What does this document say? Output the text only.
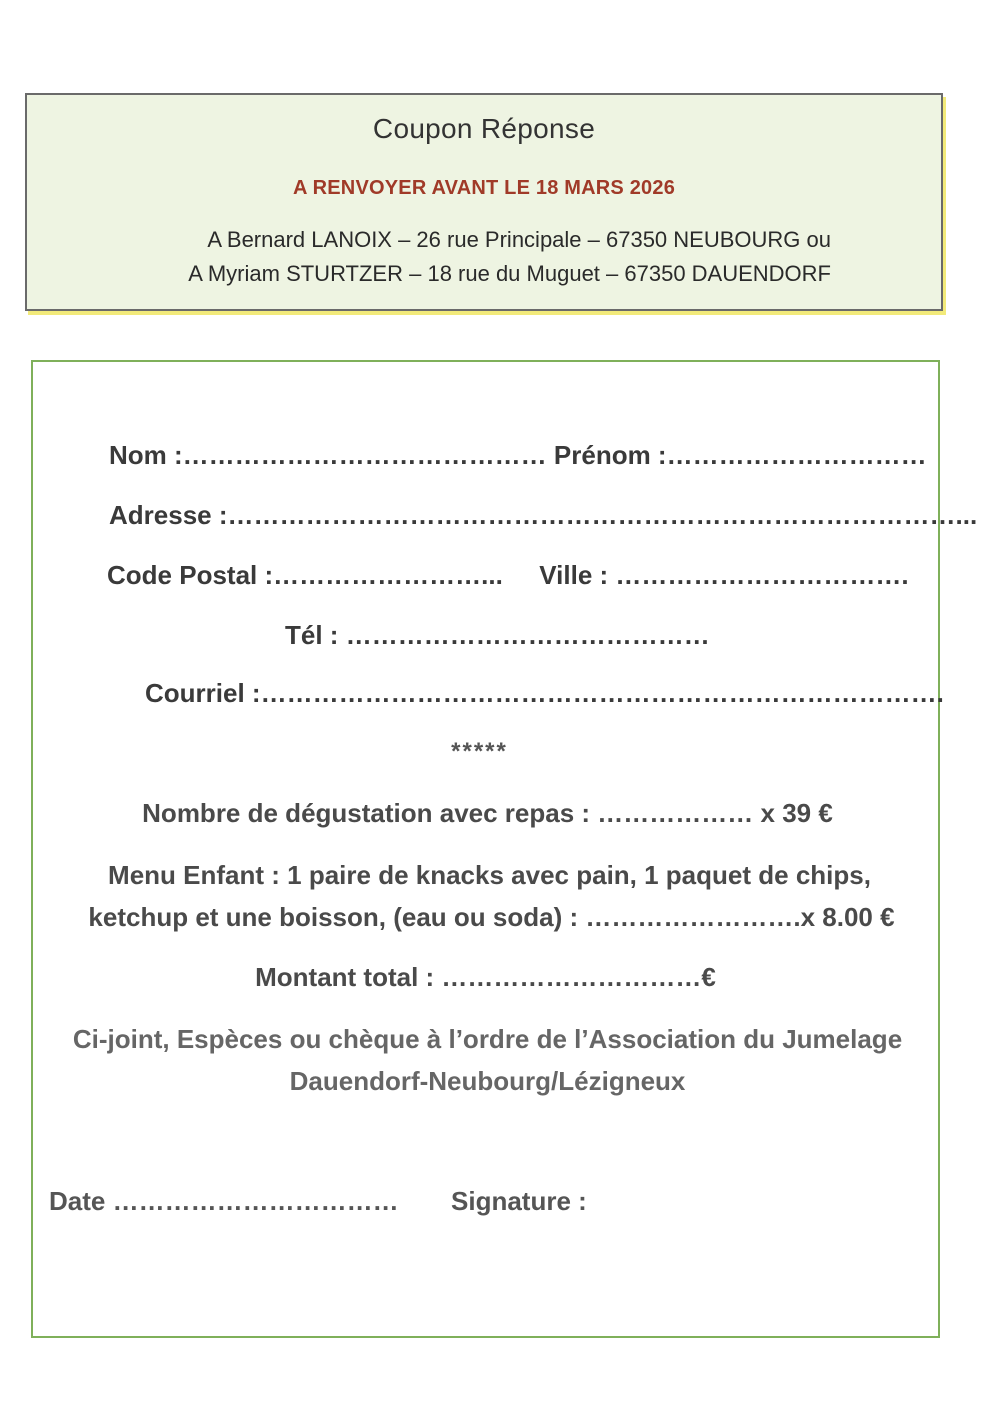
Coupon Réponse
A RENVOYER AVANT LE 18 MARS 2026
A Bernard LANOIX – 26 rue Principale – 67350 NEUBOURG ou
A Myriam STURTZER – 18 rue du Muguet – 67350 DAUENDORF
Nom :…………………………………… Prénom :…………………………
Adresse :…………………………………………………………………………...
Code Postal :……………………... Ville : …………………………….
Tél : ……………………………………
Courriel :…………………………………………………………………….
*****
Nombre de dégustation avec repas : ……………… x 39 €
Menu Enfant : 1 paire de knacks avec pain, 1 paquet de chips,
ketchup et une boisson, (eau ou soda) : …………………….x 8.00 €
Montant total : …………………………€
Ci-joint, Espèces ou chèque à l’ordre de l’Association du Jumelage
Dauendorf-Neubourg/Lézigneux
Date …………………………… Signature :
